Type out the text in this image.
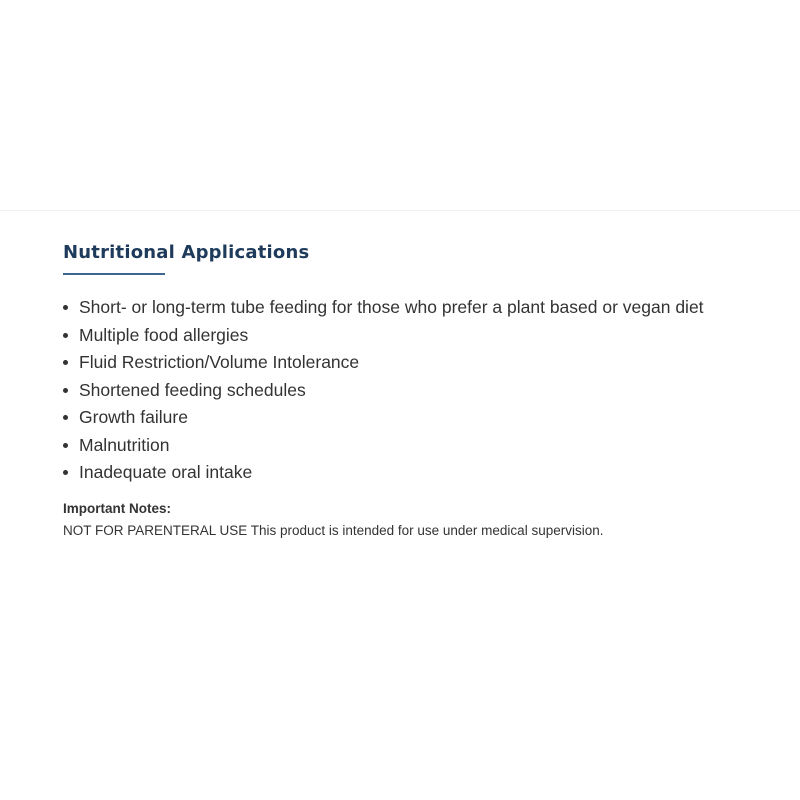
Nutritional Applications
Short- or long-term tube feeding for those who prefer a plant based or vegan diet
Multiple food allergies
Fluid Restriction/Volume Intolerance
Shortened feeding schedules
Growth failure
Malnutrition
Inadequate oral intake

Important Notes:

NOT FOR PARENTERAL USE This product is intended for use under medical supervision.
